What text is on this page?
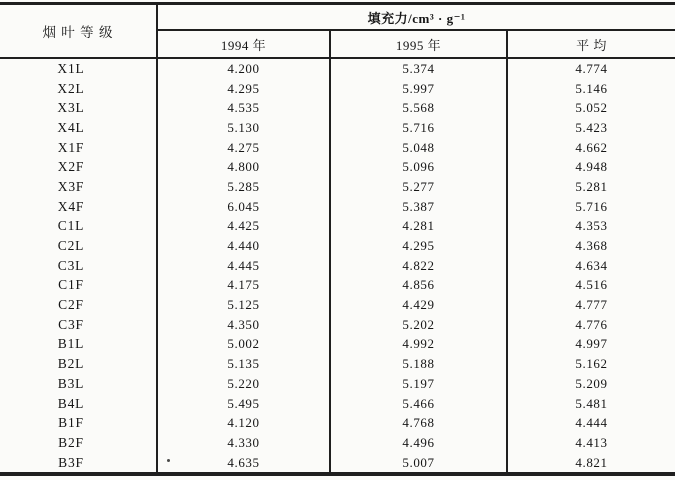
烟 叶 等 级	填充力/cm³ · g⁻¹		
	1994 年	1995 年	平 均
X1L	4.200	5.374	4.774
X2L	4.295	5.997	5.146
X3L	4.535	5.568	5.052
X4L	5.130	5.716	5.423
X1F	4.275	5.048	4.662
X2F	4.800	5.096	4.948
X3F	5.285	5.277	5.281
X4F	6.045	5.387	5.716
C1L	4.425	4.281	4.353
C2L	4.440	4.295	4.368
C3L	4.445	4.822	4.634
C1F	4.175	4.856	4.516
C2F	5.125	4.429	4.777
C3F	4.350	5.202	4.776
B1L	5.002	4.992	4.997
B2L	5.135	5.188	5.162
B3L	5.220	5.197	5.209
B4L	5.495	5.466	5.481
B1F	4.120	4.768	4.444
B2F	4.330	4.496	4.413
B3F	4.635	5.007	4.821
